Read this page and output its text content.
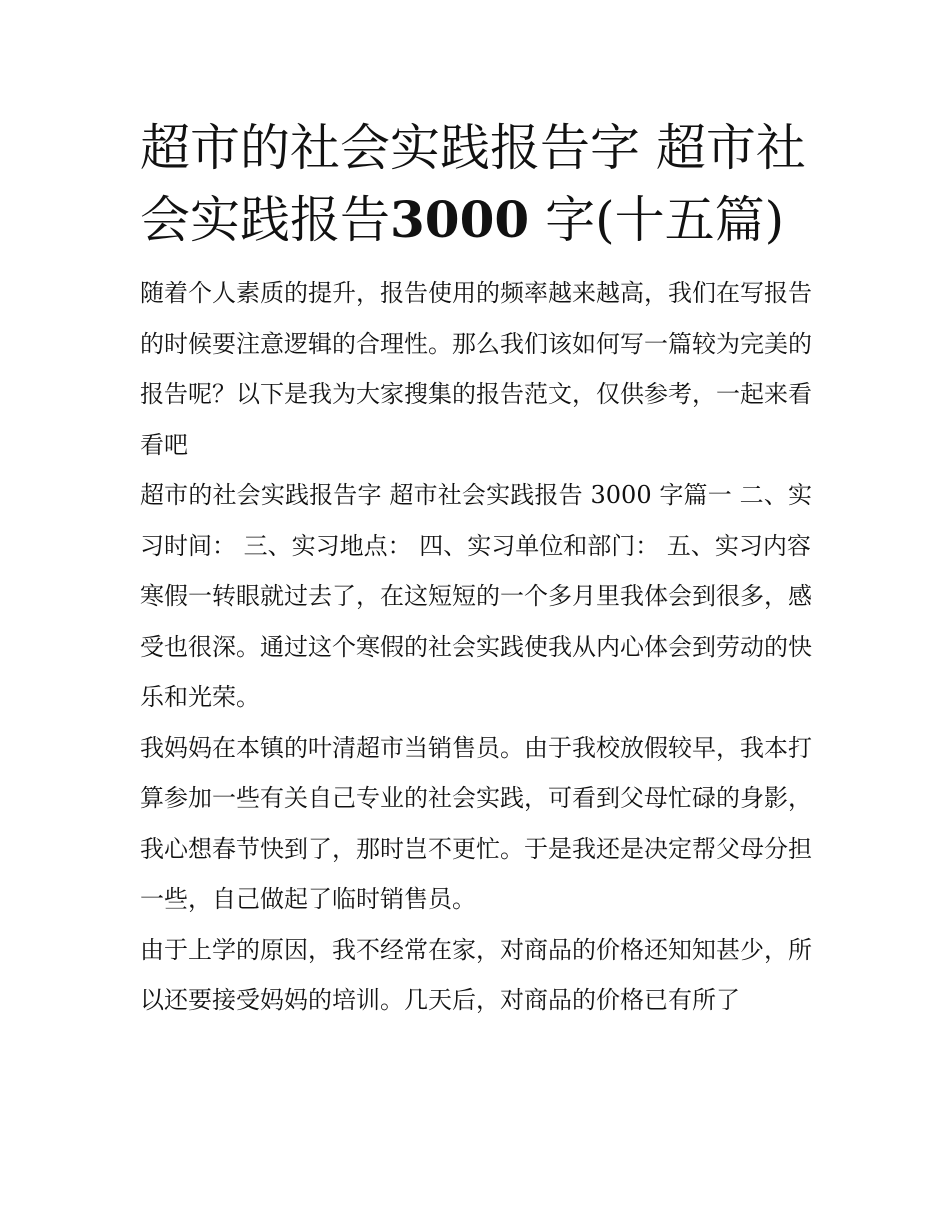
超市的社会实践报告字 超市社会实践报告3000 字(十五篇)

随着个人素质的提升，报告使用的频率越来越高，我们在写报告的时候要注意逻辑的合理性。那么我们该如何写一篇较为完美的报告呢？以下是我为大家搜集的报告范文，仅供参考，一起来看看吧

超市的社会实践报告字 超市社会实践报告 3000 字篇一 二、实习时间： 三、实习地点： 四、实习单位和部门： 五、实习内容

寒假一转眼就过去了，在这短短的一个多月里我体会到很多，感受也很深。通过这个寒假的社会实践使我从内心体会到劳动的快乐和光荣。

我妈妈在本镇的叶清超市当销售员。由于我校放假较早，我本打算参加一些有关自己专业的社会实践，可看到父母忙碌的身影，我心想春节快到了，那时岂不更忙。于是我还是决定帮父母分担一些，自己做起了临时销售员。

由于上学的原因，我不经常在家，对商品的价格还知知甚少，所以还要接受妈妈的培训。几天后，对商品的价格已有所了
